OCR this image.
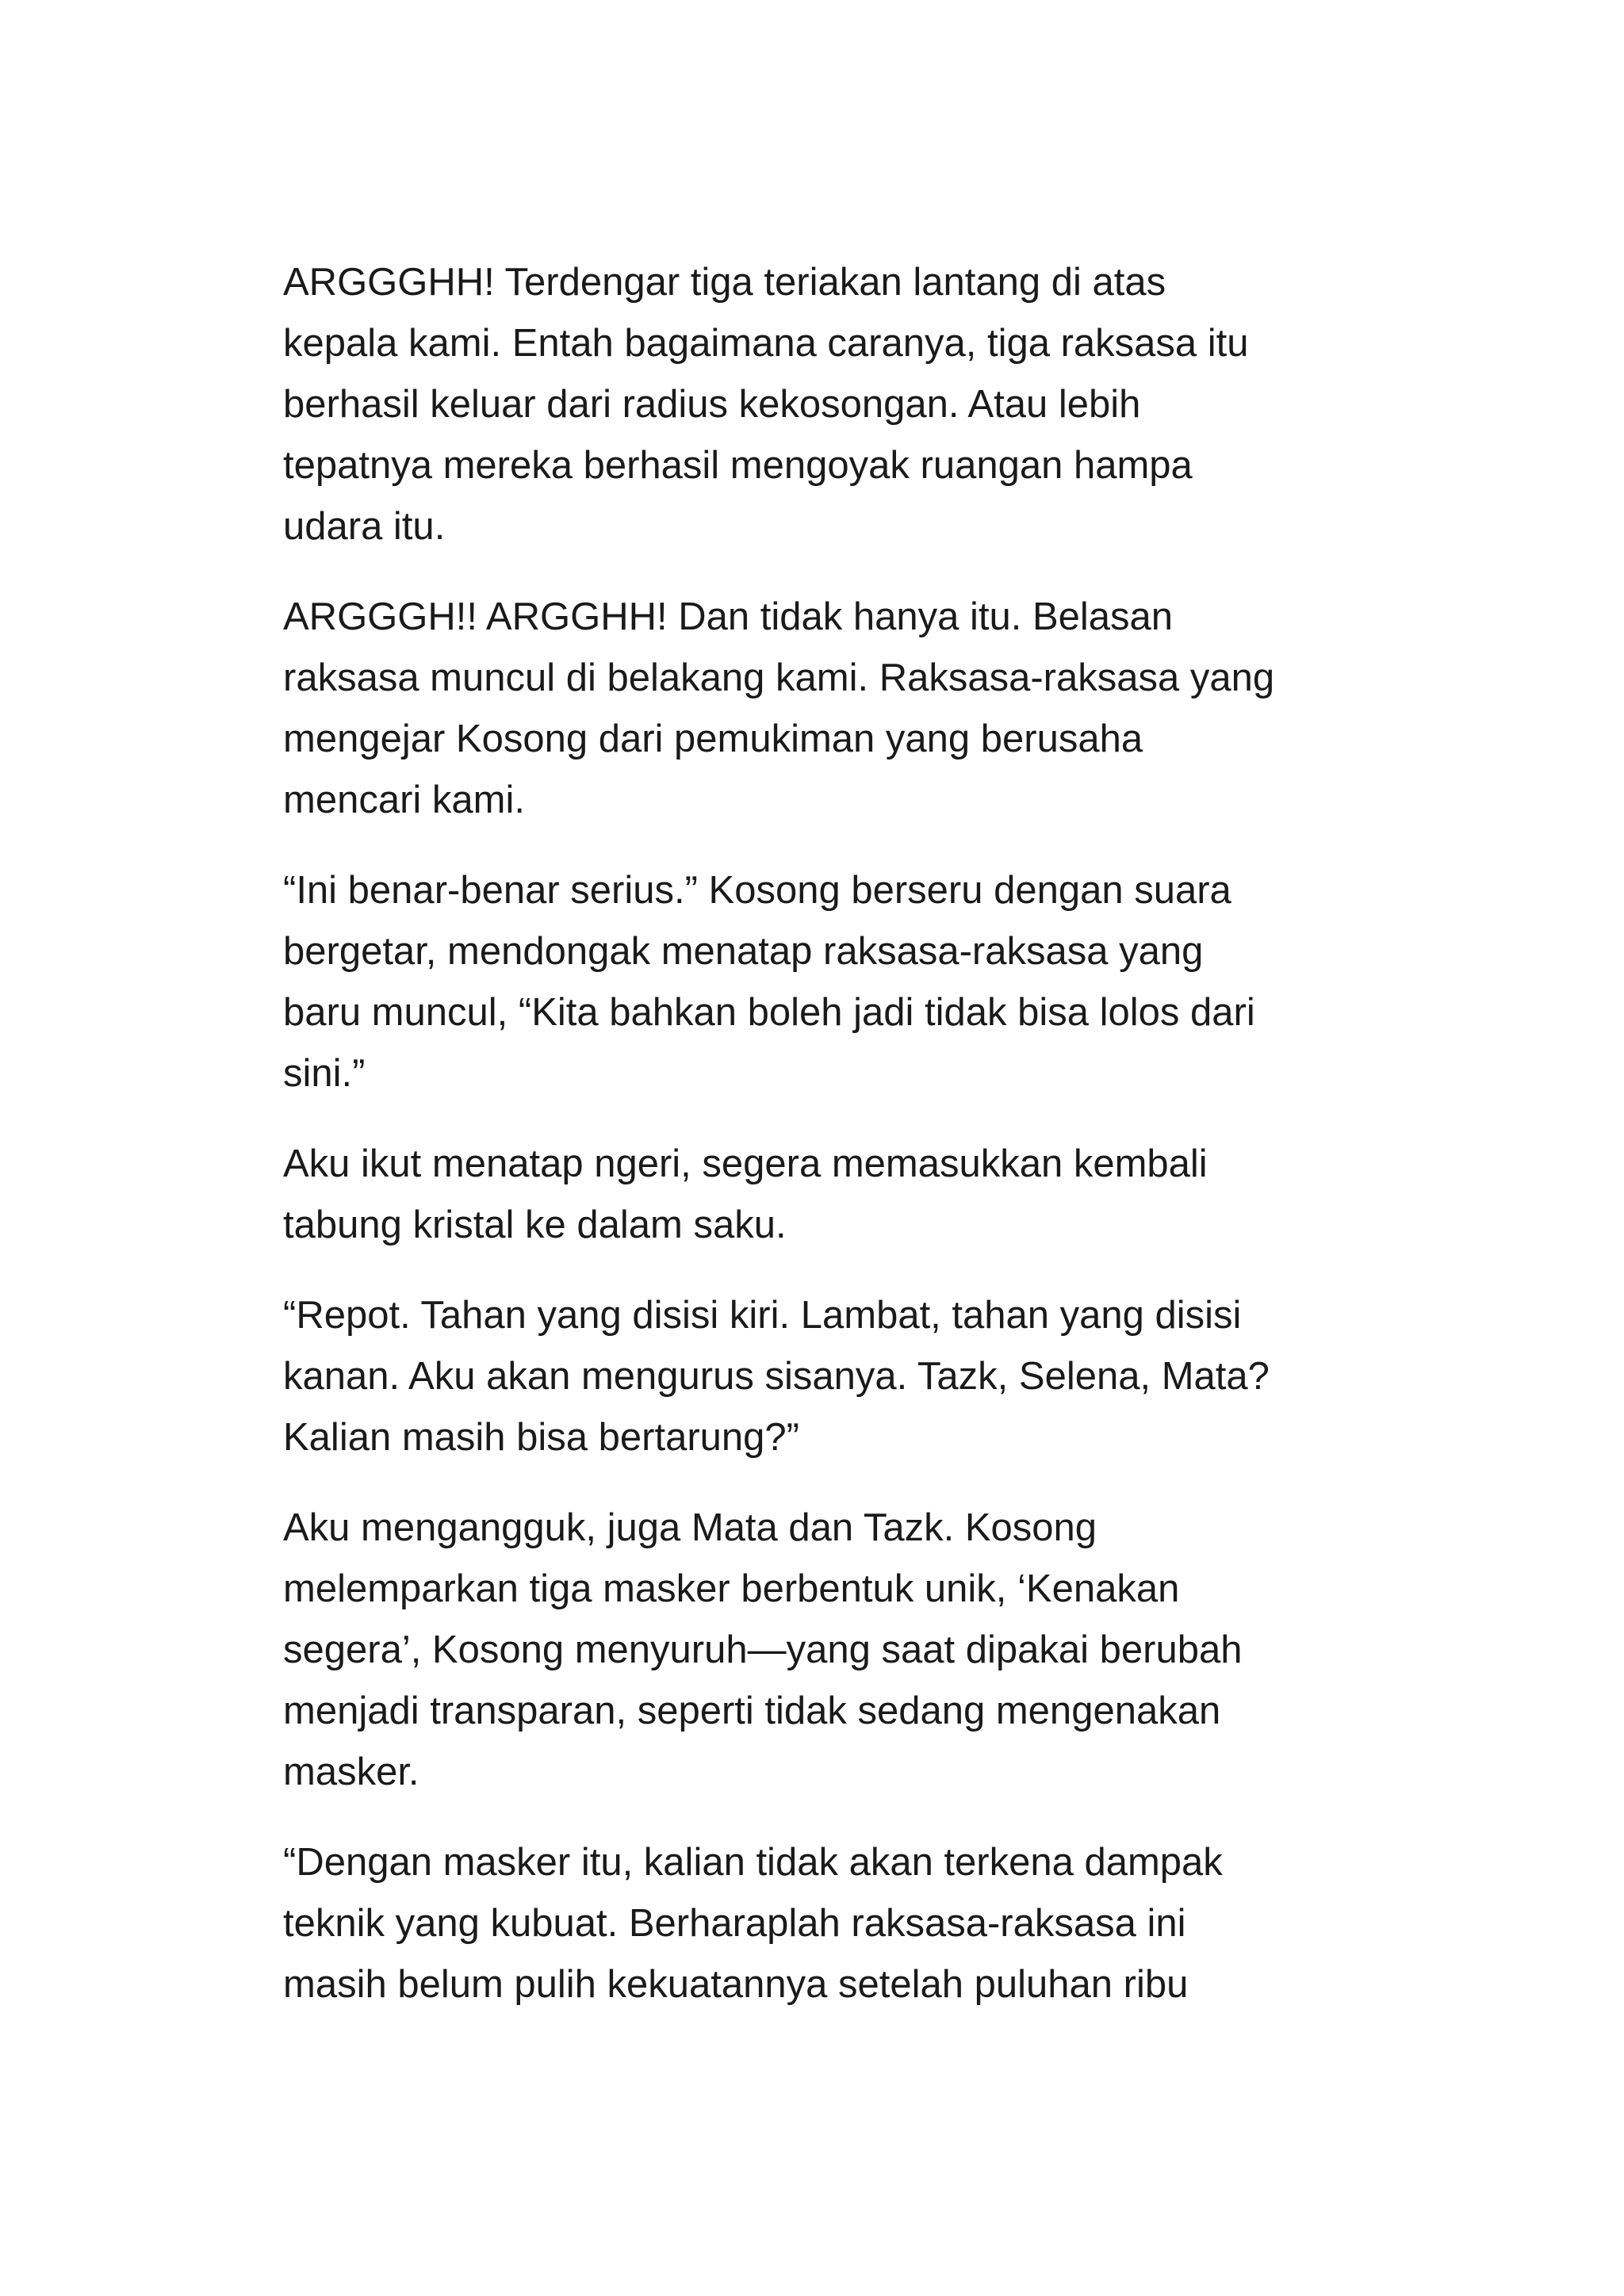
ARGGGHH! Terdengar tiga teriakan lantang di atas
kepala kami. Entah bagaimana caranya, tiga raksasa itu
berhasil keluar dari radius kekosongan. Atau lebih
tepatnya mereka berhasil mengoyak ruangan hampa
udara itu.

ARGGGH!! ARGGHH! Dan tidak hanya itu. Belasan
raksasa muncul di belakang kami. Raksasa-raksasa yang
mengejar Kosong dari pemukiman yang berusaha
mencari kami.

“Ini benar-benar serius.” Kosong berseru dengan suara
bergetar, mendongak menatap raksasa-raksasa yang
baru muncul, “Kita bahkan boleh jadi tidak bisa lolos dari
sini.”

Aku ikut menatap ngeri, segera memasukkan kembali
tabung kristal ke dalam saku.

“Repot. Tahan yang disisi kiri. Lambat, tahan yang disisi
kanan. Aku akan mengurus sisanya. Tazk, Selena, Mata?
Kalian masih bisa bertarung?”

Aku mengangguk, juga Mata dan Tazk. Kosong
melemparkan tiga masker berbentuk unik, ‘Kenakan
segera’, Kosong menyuruh—yang saat dipakai berubah
menjadi transparan, seperti tidak sedang mengenakan
masker.

“Dengan masker itu, kalian tidak akan terkena dampak
teknik yang kubuat. Berharaplah raksasa-raksasa ini
masih belum pulih kekuatannya setelah puluhan ribu
